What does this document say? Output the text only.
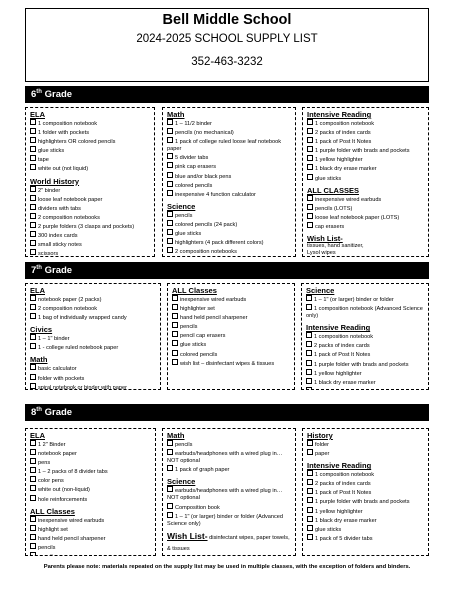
Bell Middle School
2024-2025 SCHOOL SUPPLY LIST
352-463-3232
6th Grade
ELA
1 composition notebook
1 folder with pockets
highlighters OR colored pencils
glue sticks
tape
white out (not liquid)
World History
2" binder
loose leaf notebook paper
dividers with tabs
2 composition notebooks
2 purple folders (3 clasps and pockets)
300 index cards
small sticky notes
scissors
Math
1 – 11/2 binder
pencils (no mechanical)
1 pack of college ruled loose leaf notebook paper
5 divider tabs
pink cap erasers
blue and/or black pens
colored pencils
inexpensive 4 function calculator
Science
pencils
colored pencils (24 pack)
glue sticks
highlighters (4 pack different colors)
2 composition notebooks
Intensive Reading
1 composition notebook
2 packs of index cards
1 pack of Post It Notes
1 purple folder with brads and pockets
1 yellow highlighter
1 black dry erase marker
glue sticks
ALL CLASSES
inexpensive wired earbuds
pencils (LOTS)
loose leaf notebook paper (LOTS)
cap erasers
Wish List-
tissues, hand sanitizer,
Lysol wipes
7th Grade
ELA
notebook paper (2 packs)
2 composition notebook
1 bag of individually wrapped candy
Civics
1 – 1" binder
1 - college ruled notebook paper
Math
basic calculator
folder with pockets
spiral notebook or binder with paper
ALL Classes
inexpensive wired earbuds
highlighter set
hand held pencil sharpener
pencils
pencil cap erasers
glue sticks
colored pencils
wish list – disinfectant wipes & tissues
Science
1 – 1" (or larger) binder or folder
1 composition notebook (Advanced Science only)
Intensive Reading
1 composition notebook
2 packs of index cards
1 pack of Post It Notes
1 purple folder with brads and pockets
1 yellow highlighter
1 black dry erase marker
8th Grade
ELA
1 2" Binder
notebook paper
pens
1 – 2 packs of 8 divider tabs
color pens
white out (non-liquid)
hole reinforcements
ALL Classes
inexpensive wired earbuds
highlight set
hand held pencil sharpener
pencils
Math
pencils
earbuds/headphones with a wired plug in…NOT optional
1 pack of graph paper
Science
earbuds/headphones with a wired plug in…NOT optional
Composition book
1 – 1" (or larger) binder or folder (Advanced Science only)
Wish List- disinfectant wipes, paper towels, & tissues
History
folder
paper
Intensive Reading
1 composition notebook
2 packs of index cards
1 pack of Post It Notes
1 purple folder with brads and pockets
1 yellow highlighter
1 black dry erase marker
glue sticks
1 pack of 5 divider tabs
Parents please note: materials repeated on the supply list may be used in multiple classes, with the exception of folders and binders.
